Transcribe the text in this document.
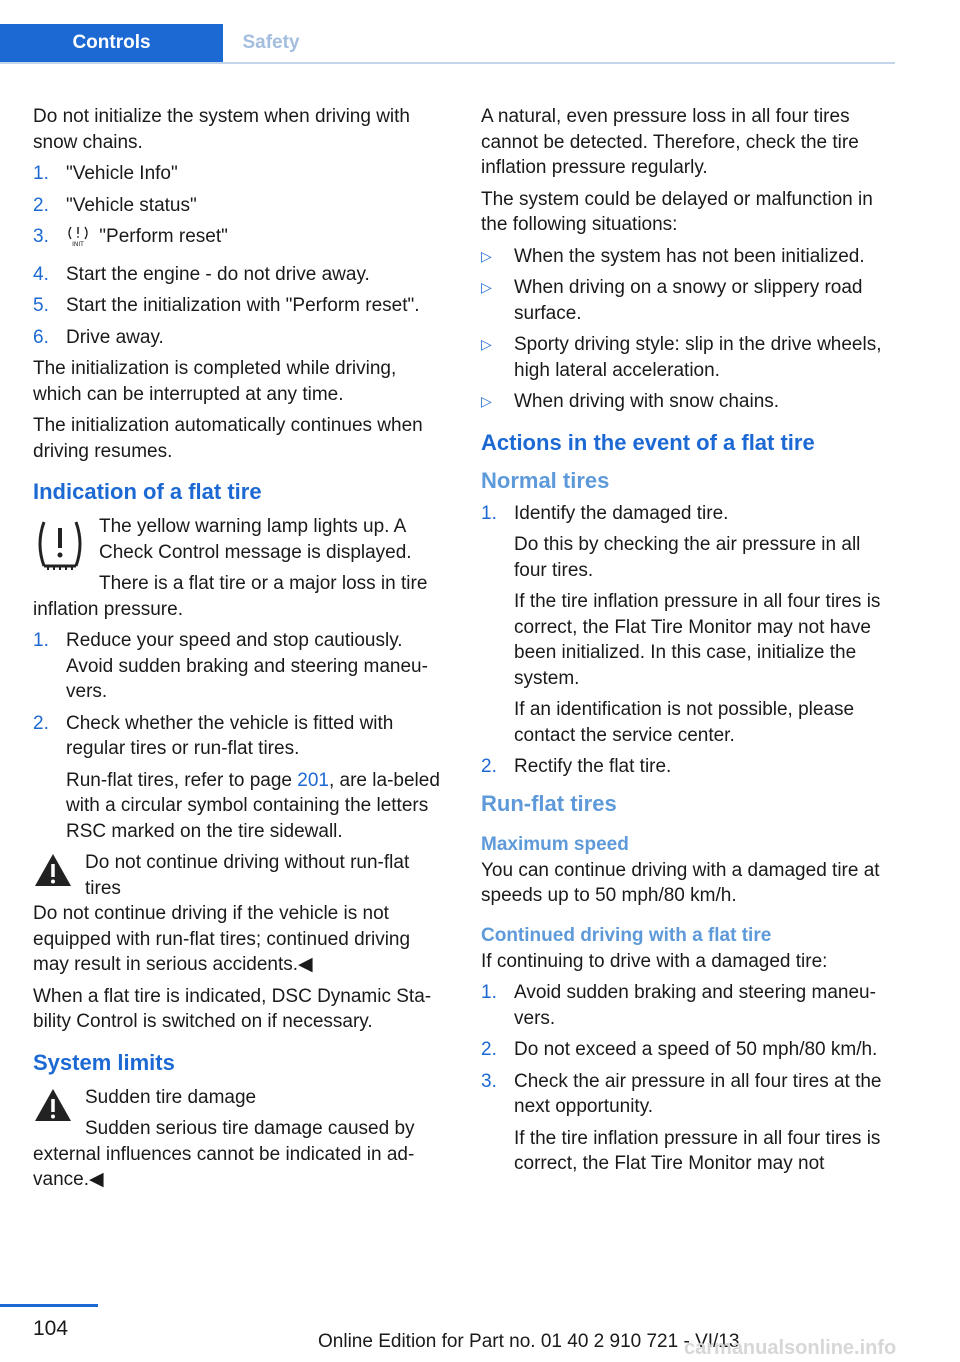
Controls	Safety

Do not initialize the system when driving with snow chains.

1. "Vehicle Info"
2. "Vehicle status"
3.	INIT "Perform reset"
4. Start the engine - do not drive away.
5. Start the initialization with "Perform reset".
6. Drive away.

The initialization is completed while driving, which can be interrupted at any time.

The initialization automatically continues when driving resumes.

Indication of a flat tire

The yellow warning lamp lights up. A Check Control message is displayed.

There is a flat tire or a major loss in tire inflation pressure.

1. Reduce your speed and stop cautiously. Avoid sudden braking and steering maneu‐vers.
2. Check whether the vehicle is fitted with regular tires or run-flat tires.
Run-flat tires, refer to page 201, are la‐beled with a circular symbol containing the letters RSC marked on the tire sidewall.
Do not continue driving without run-flat tires

Do not continue driving if the vehicle is not equipped with run-flat tires; continued driving may result in serious accidents.◀

When a flat tire is indicated, DSC Dynamic Sta‐bility Control is switched on if necessary.

System limits
Sudden tire damage

Sudden serious tire damage caused by external influences cannot be indicated in ad‐vance.◀

A natural, even pressure loss in all four tires cannot be detected. Therefore, check the tire inflation pressure regularly.

The system could be delayed or malfunction in the following situations:

▷ When the system has not been initialized.
▷ When driving on a snowy or slippery road surface.
▷ Sporty driving style: slip in the drive wheels, high lateral acceleration.
▷ When driving with snow chains.
Actions in the event of a flat tire
Normal tires
1. Identify the damaged tire.
Do this by checking the air pressure in all four tires.
If the tire inflation pressure in all four tires is correct, the Flat Tire Monitor may not have been initialized. In this case, initialize the system.
If an identification is not possible, please contact the service center.
2. Rectify the flat tire.
Run-flat tires
Maximum speed

You can continue driving with a damaged tire at speeds up to 50 mph/80 km/h.

Continued driving with a flat tire

If continuing to drive with a damaged tire:

1. Avoid sudden braking and steering maneu‐vers.
2. Do not exceed a speed of 50 mph/80 km/h.
3. Check the air pressure in all four tires at the next opportunity.
If the tire inflation pressure in all four tires is correct, the Flat Tire Monitor may not
104
Online Edition for Part no. 01 40 2 910 721 - VI/13
carmanualsonline.info
